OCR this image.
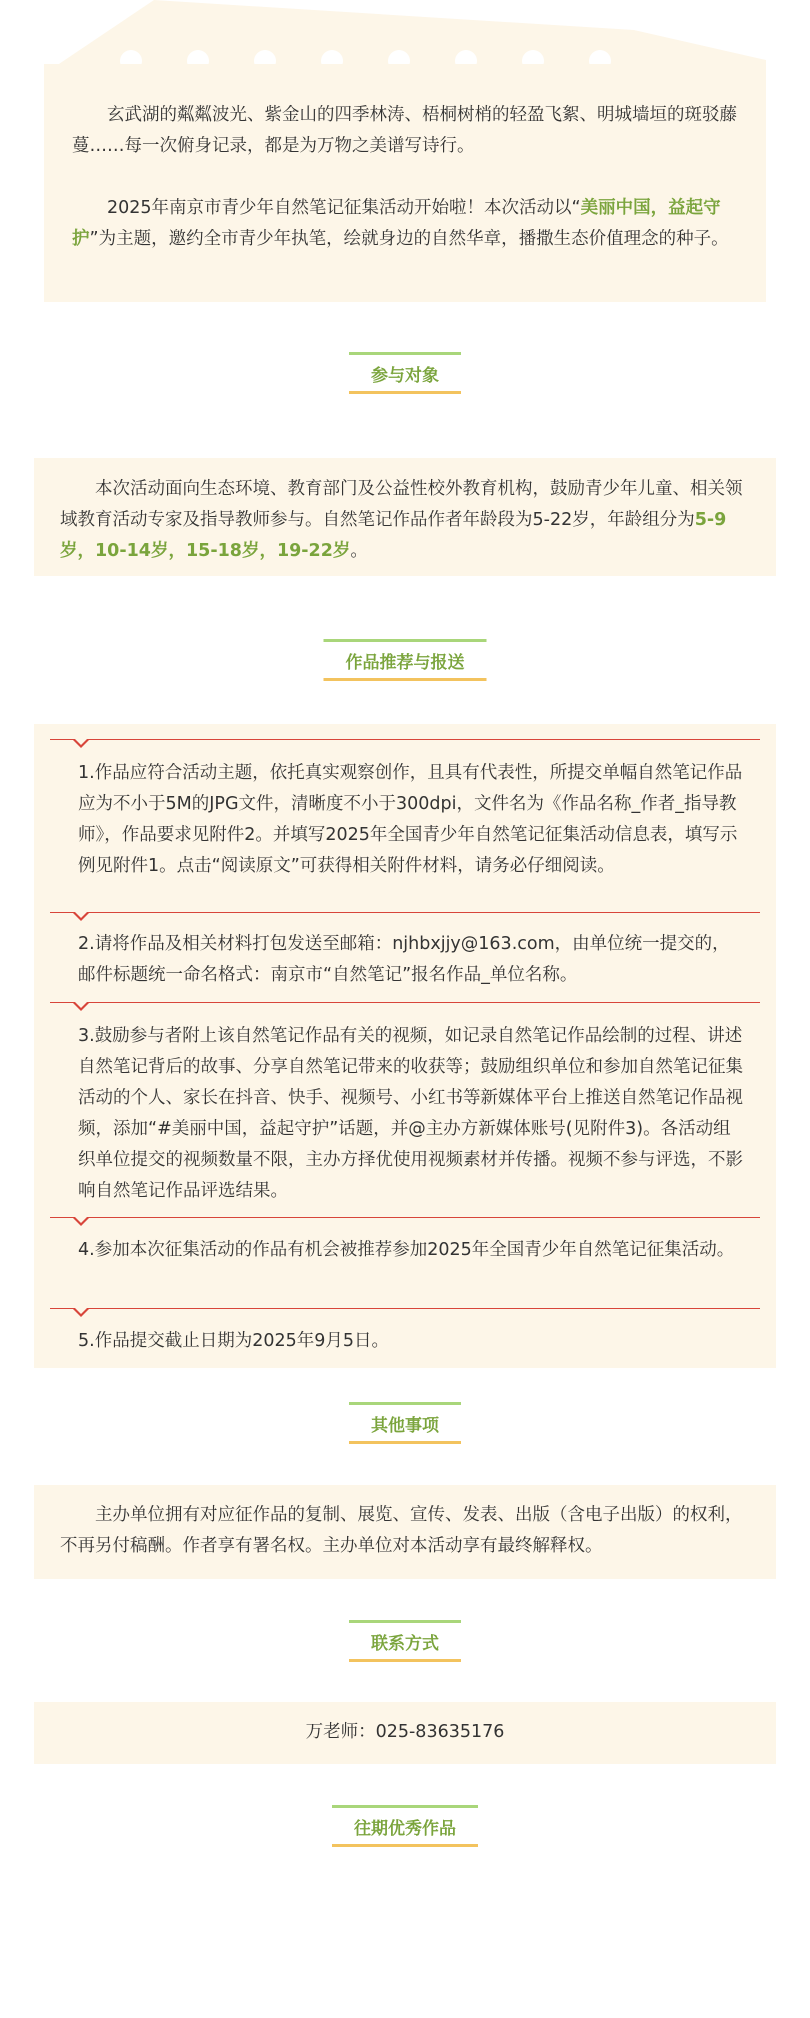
玄武湖的粼粼波光、紫金山的四季林涛、梧桐树梢的轻盈飞絮、明城墙垣的斑驳藤蔓……每一次俯身记录，都是为万物之美谱写诗行。

2025年南京市青少年自然笔记征集活动开始啦！本次活动以“美丽中国，益起守护”为主题，邀约全市青少年执笔，绘就身边的自然华章，播撒生态价值理念的种子。

参与对象

本次活动面向生态环境、教育部门及公益性校外教育机构，鼓励青少年儿童、相关领域教育活动专家及指导教师参与。自然笔记作品作者年龄段为5-22岁，年龄组分为5-9岁，10-14岁，15-18岁，19-22岁。

作品推荐与报送

1.作品应符合活动主题，依托真实观察创作，且具有代表性，所提交单幅自然笔记作品应为不小于5M的JPG文件，清晰度不小于300dpi，文件名为《作品名称_作者_指导教师》，作品要求见附件2。并填写2025年全国青少年自然笔记征集活动信息表，填写示例见附件1。点击“阅读原文”可获得相关附件材料，请务必仔细阅读。

2.请将作品及相关材料打包发送至邮箱：njhbxjjy@163.com，由单位统一提交的，邮件标题统一命名格式：南京市“自然笔记”报名作品_单位名称。

3.鼓励参与者附上该自然笔记作品有关的视频，如记录自然笔记作品绘制的过程、讲述自然笔记背后的故事、分享自然笔记带来的收获等；鼓励组织单位和参加自然笔记征集活动的个人、家长在抖音、快手、视频号、小红书等新媒体平台上推送自然笔记作品视频，添加“#美丽中国，益起守护”话题，并@主办方新媒体账号(见附件3)。各活动组织单位提交的视频数量不限，主办方择优使用视频素材并传播。视频不参与评选，不影响自然笔记作品评选结果。

4.参加本次征集活动的作品有机会被推荐参加2025年全国青少年自然笔记征集活动。

5.作品提交截止日期为2025年9月5日。

其他事项

主办单位拥有对应征作品的复制、展览、宣传、发表、出版（含电子出版）的权利，不再另付稿酬。作者享有署名权。主办单位对本活动享有最终解释权。

联系方式

万老师：025-83635176

往期优秀作品
